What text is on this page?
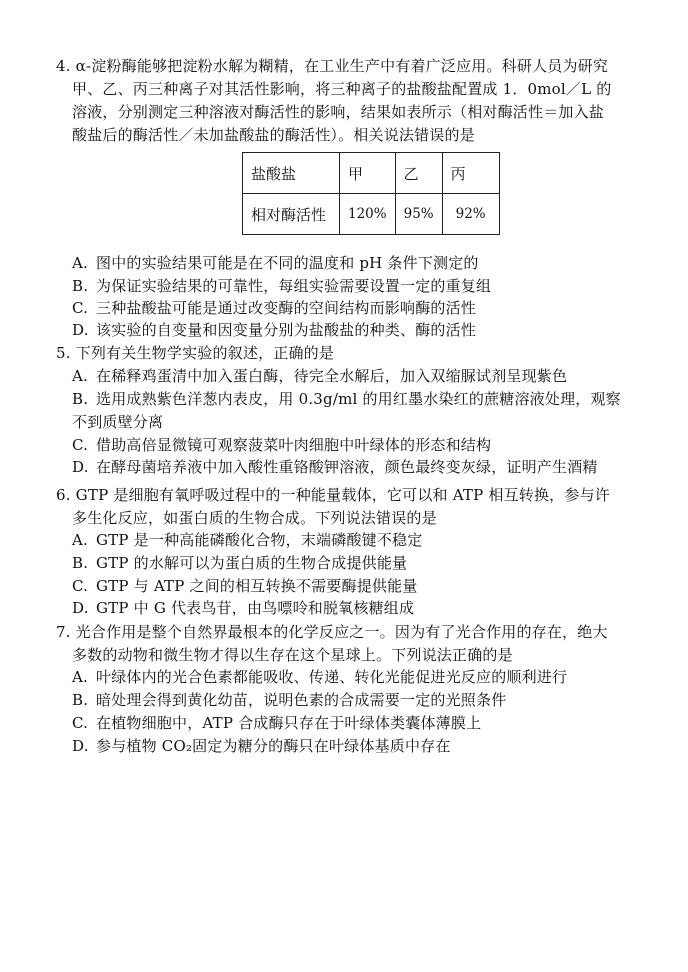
4. α-淀粉酶能够把淀粉水解为糊精，在工业生产中有着广泛应用。科研人员为研究
甲、乙、丙三种离子对其活性影响，将三种离子的盐酸盐配置成 1．0mol／L 的
溶液，分别测定三种溶液对酶活性的影响，结果如表所示（相对酶活性＝加入盐
酸盐后的酶活性／未加盐酸盐的酶活性）。相关说法错误的是
盐酸盐	甲	乙	丙
相对酶活性	120%	95%	92%
A. 图中的实验结果可能是在不同的温度和 pH 条件下测定的
B. 为保证实验结果的可靠性，每组实验需要设置一定的重复组
C. 三种盐酸盐可能是通过改变酶的空间结构而影响酶的活性
D. 该实验的自变量和因变量分别为盐酸盐的种类、酶的活性
5. 下列有关生物学实验的叙述，正确的是
A. 在稀释鸡蛋清中加入蛋白酶，待完全水解后，加入双缩脲试剂呈现紫色
B. 选用成熟紫色洋葱内表皮，用 0.3g/ml 的用红墨水染红的蔗糖溶液处理，观察
不到质壁分离
C. 借助高倍显微镜可观察菠菜叶肉细胞中叶绿体的形态和结构
D. 在酵母菌培养液中加入酸性重铬酸钾溶液，颜色最终变灰绿，证明产生酒精
6. GTP 是细胞有氧呼吸过程中的一种能量载体，它可以和 ATP 相互转换，参与许
多生化反应，如蛋白质的生物合成。下列说法错误的是
A. GTP 是一种高能磷酸化合物，末端磷酸键不稳定
B. GTP 的水解可以为蛋白质的生物合成提供能量
C. GTP 与 ATP 之间的相互转换不需要酶提供能量
D. GTP 中 G 代表鸟苷，由鸟嘌呤和脱氧核糖组成
7. 光合作用是整个自然界最根本的化学反应之一。因为有了光合作用的存在，绝大
多数的动物和微生物才得以生存在这个星球上。下列说法正确的是
A. 叶绿体内的光合色素都能吸收、传递、转化光能促进光反应的顺利进行
B. 暗处理会得到黄化幼苗，说明色素的合成需要一定的光照条件
C. 在植物细胞中，ATP 合成酶只存在于叶绿体类囊体薄膜上
D. 参与植物 CO₂固定为糖分的酶只在叶绿体基质中存在
